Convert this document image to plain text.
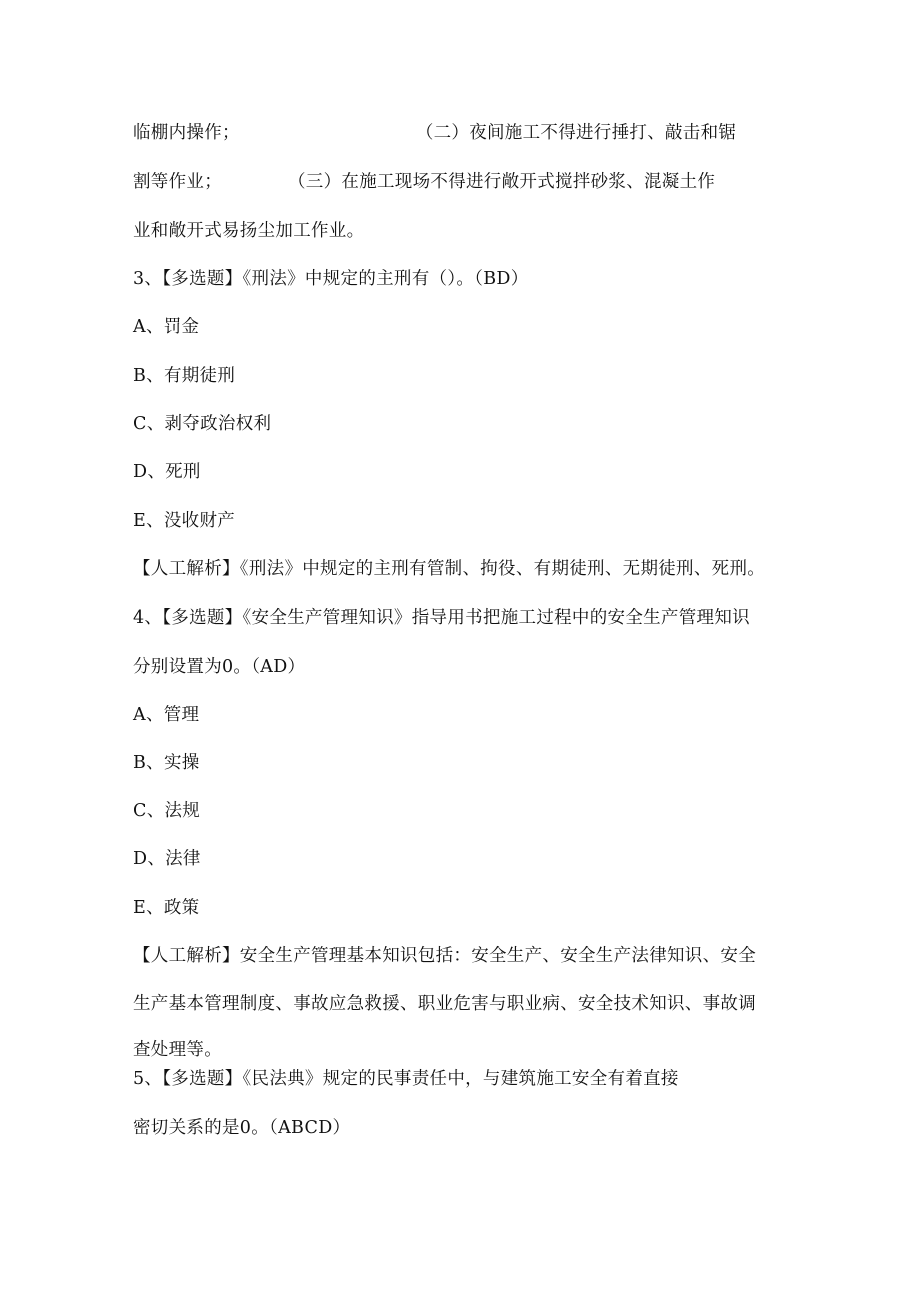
临棚内操作；	（二）夜间施工不得进行捶打、敲击和锯
割等作业；	（三）在施工现场不得进行敞开式搅拌砂浆、混凝土作
业和敞开式易扬尘加工作业。
3、【多选题】《刑法》中规定的主刑有（）。（BD）
A、罚金
B、有期徒刑
C、剥夺政治权利
D、死刑
E、没收财产
【人工解析】《刑法》中规定的主刑有管制、拘役、有期徒刑、无期徒刑、死刑。
4、【多选题】《安全生产管理知识》指导用书把施工过程中的安全生产管理知识
分别设置为0。（AD）
A、管理
B、实操
C、法规
D、法律
E、政策
【人工解析】安全生产管理基本知识包括：安全生产、安全生产法律知识、安全
生产基本管理制度、事故应急救援、职业危害与职业病、安全技术知识、事故调
查处理等。
5、【多选题】《民法典》规定的民事责任中，与建筑施工安全有着直接
密切关系的是0。（ABCD）
